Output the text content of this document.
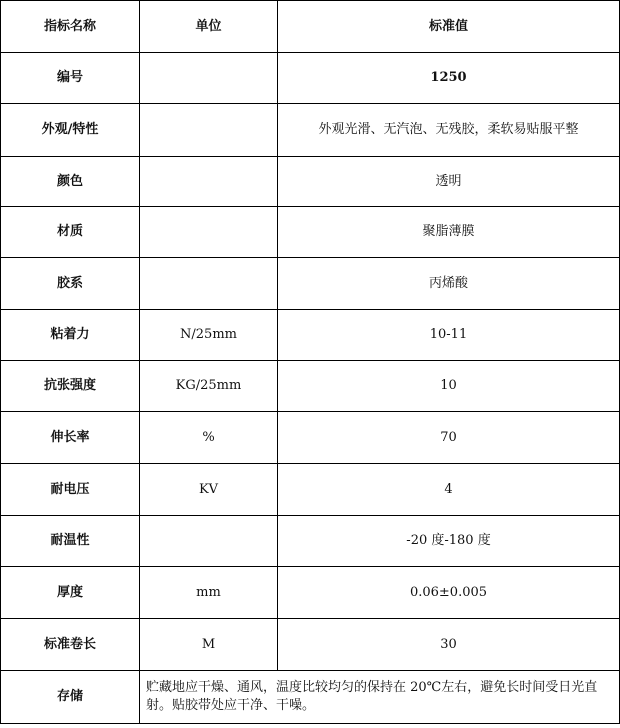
指标名称	单位	标准值
编号		1250
外观/特性		外观光滑、无汽泡、无残胶，柔软易贴服平整
颜色		透明
材质		聚脂薄膜
胶系		丙烯酸
粘着力	N/25mm	10-11
抗张强度	KG/25mm	10
伸长率	%	70
耐电压	KV	4
耐温性		-20 度-180 度
厚度	mm	0.06±0.005
标准卷长	M	30
存储	贮藏地应干燥、通风，温度比较均匀的保持在 20℃左右，避免长时间受日光直射。贴胶带处应干净、干噪。	
